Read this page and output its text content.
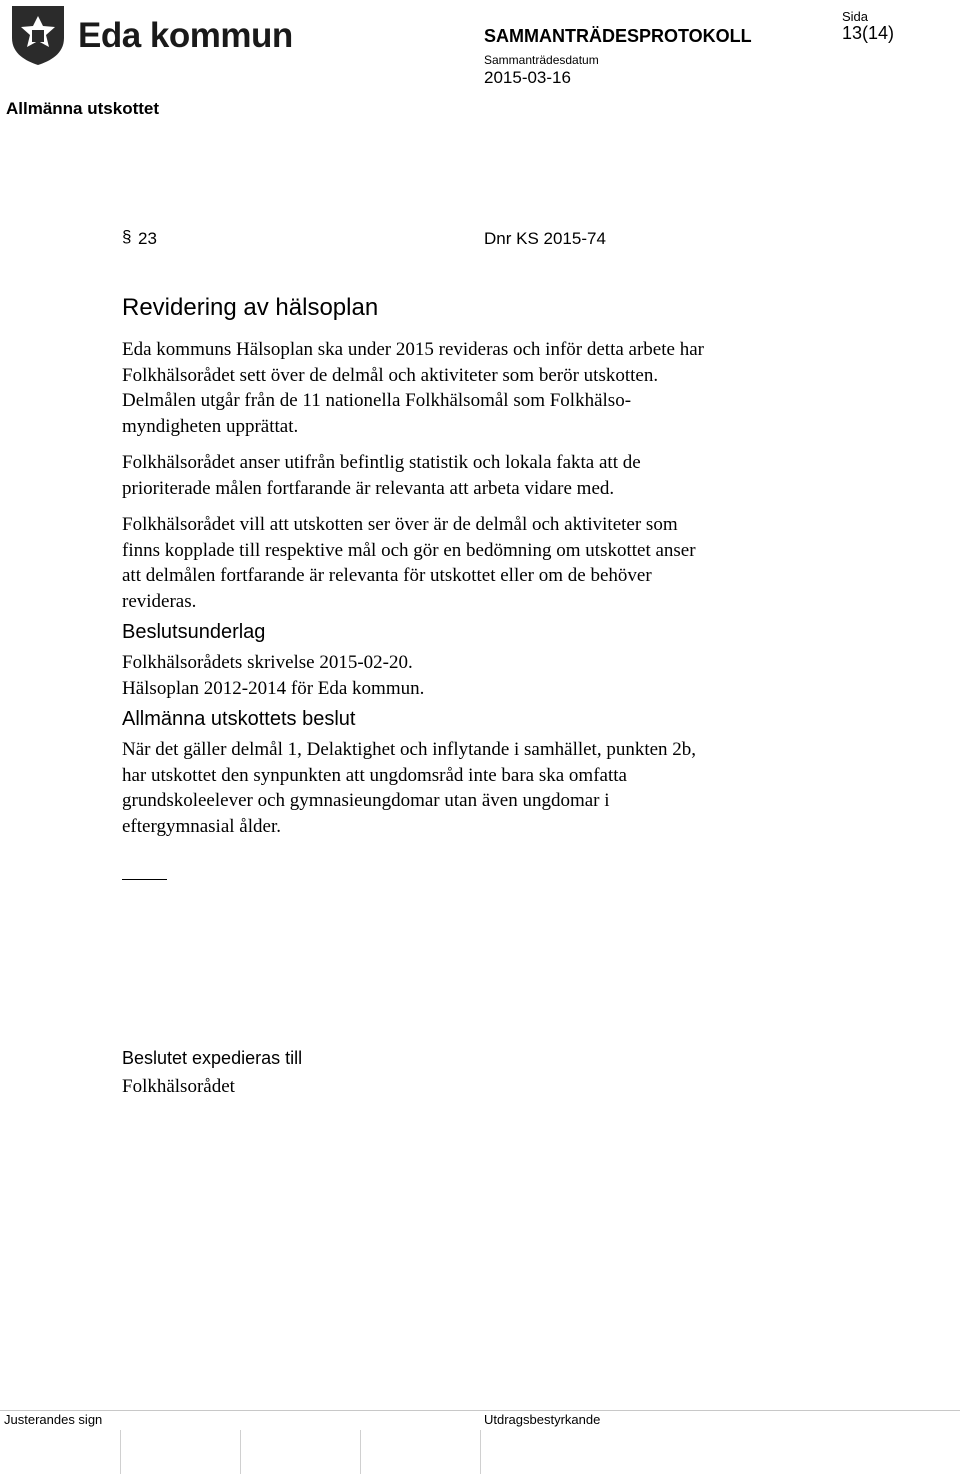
Eda kommun	SAMMANTRÄDESPROTOKOLL
Sammanträdesdatum
2015-03-16
Sida
13(14)
Allmänna utskottet
§ 23	Dnr KS 2015-74
Revidering av hälsoplan

Eda kommuns Hälsoplan ska under 2015 revideras och inför detta arbete har

Folkhälsorådet sett över de delmål och aktiviteter som berör utskotten.

Delmålen utgår från de 11 nationella Folkhälsomål som Folkhälso-

myndigheten upprättat.

Folkhälsorådet anser utifrån befintlig statistik och lokala fakta att de

prioriterade målen fortfarande är relevanta att arbeta vidare med.

Folkhälsorådet vill att utskotten ser över är de delmål och aktiviteter som

finns kopplade till respektive mål och gör en bedömning om utskottet anser

att delmålen fortfarande är relevanta för utskottet eller om de behöver

revideras.

Beslutsunderlag

Folkhälsorådets skrivelse 2015-02-20.

Hälsoplan 2012-2014 för Eda kommun.

Allmänna utskottets beslut

När det gäller delmål 1, Delaktighet och inflytande i samhället, punkten 2b,

har utskottet den synpunkten att ungdomsråd inte bara ska omfatta

grundskoleelever och gymnasieungdomar utan även ungdomar i

eftergymnasial ålder.

Beslutet expedieras till
Folkhälsorådet
Justerandes sign	Utdragsbestyrkande
